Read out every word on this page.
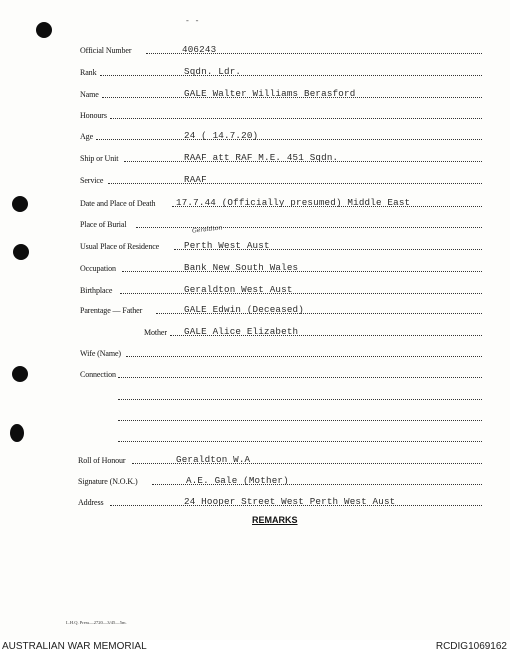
- -
Official Number	406243
Rank	Sqdn. Ldr.
Name	GALE Walter Williams Berasford
Honours
Age	24 ( 14.7.20)
Ship or Unit	RAAF att RAF M.E. 451 Sqdn.
Service	RAAF
Date and Place of Death 17.7.44 (Officially presumed) Middle East
Place of Burial	Geraldton
Usual Place of Residence	Perth West Aust
Occupation	Bank New South Wales
Birthplace	Geraldton West Aust
Parentage — Father	GALE Edwin (Deceased)
Mother GALE Alice Elizabeth
Wife (Name)
Connection
Roll of Honour	Geraldton W.A
Signature (N.O.K.)	A.E. Gale (Mother)
Address	24 Hooper Street West Perth West Aust
REMARKS
L.H.Q. Press—2720—3/45—5m.
AUSTRALIAN WAR MEMORIAL	RCDIG1069162
